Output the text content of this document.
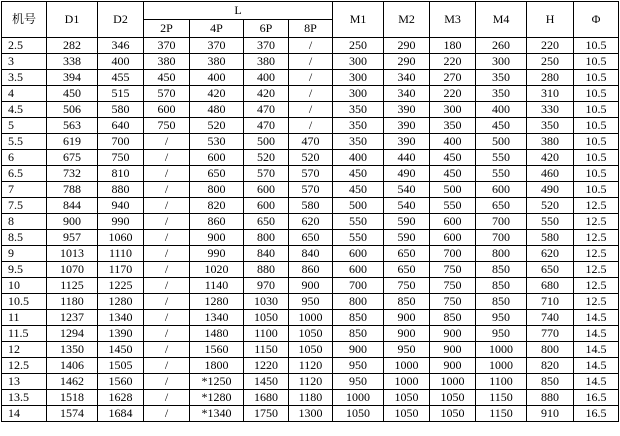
机号	D1	D2	L				M1	M2	M3	M4	H	Φ
			2P	4P	6P	8P						
2.5	282	346	370	370	370	/	250	290	180	260	220	10.5
3	338	400	380	380	380	/	300	290	220	300	250	10.5
3.5	394	455	450	400	400	/	300	340	270	350	280	10.5
4	450	515	570	420	420	/	300	340	220	350	310	10.5
4.5	506	580	600	480	470	/	350	390	300	400	330	10.5
5	563	640	750	520	470	/	350	390	350	450	350	10.5
5.5	619	700	/	530	500	470	350	390	400	500	380	10.5
6	675	750	/	600	520	520	400	440	450	550	420	10.5
6.5	732	810	/	650	570	570	450	490	450	550	460	10.5
7	788	880	/	800	600	570	450	540	500	600	490	10.5
7.5	844	940	/	820	600	580	500	540	550	650	520	12.5
8	900	990	/	860	650	620	550	590	600	700	550	12.5
8.5	957	1060	/	900	800	650	550	590	600	700	580	12.5
9	1013	1110	/	990	840	840	600	650	700	800	620	12.5
9.5	1070	1170	/	1020	880	860	600	650	750	850	650	12.5
10	1125	1225	/	1140	970	900	700	750	750	850	680	12.5
10.5	1180	1280	/	1280	1030	950	800	850	750	850	710	12.5
11	1237	1340	/	1340	1050	1000	850	900	850	950	740	14.5
11.5	1294	1390	/	1480	1100	1050	850	900	900	950	770	14.5
12	1350	1450	/	1560	1150	1050	900	950	900	1000	800	14.5
12.5	1406	1505	/	1800	1220	1120	950	1000	900	1000	820	14.5
13	1462	1560	/	*1250	1450	1120	950	1000	1000	1100	850	14.5
13.5	1518	1628	/	*1280	1680	1180	1000	1050	1050	1150	880	16.5
14	1574	1684	/	*1340	1750	1300	1050	1050	1050	1150	910	16.5
